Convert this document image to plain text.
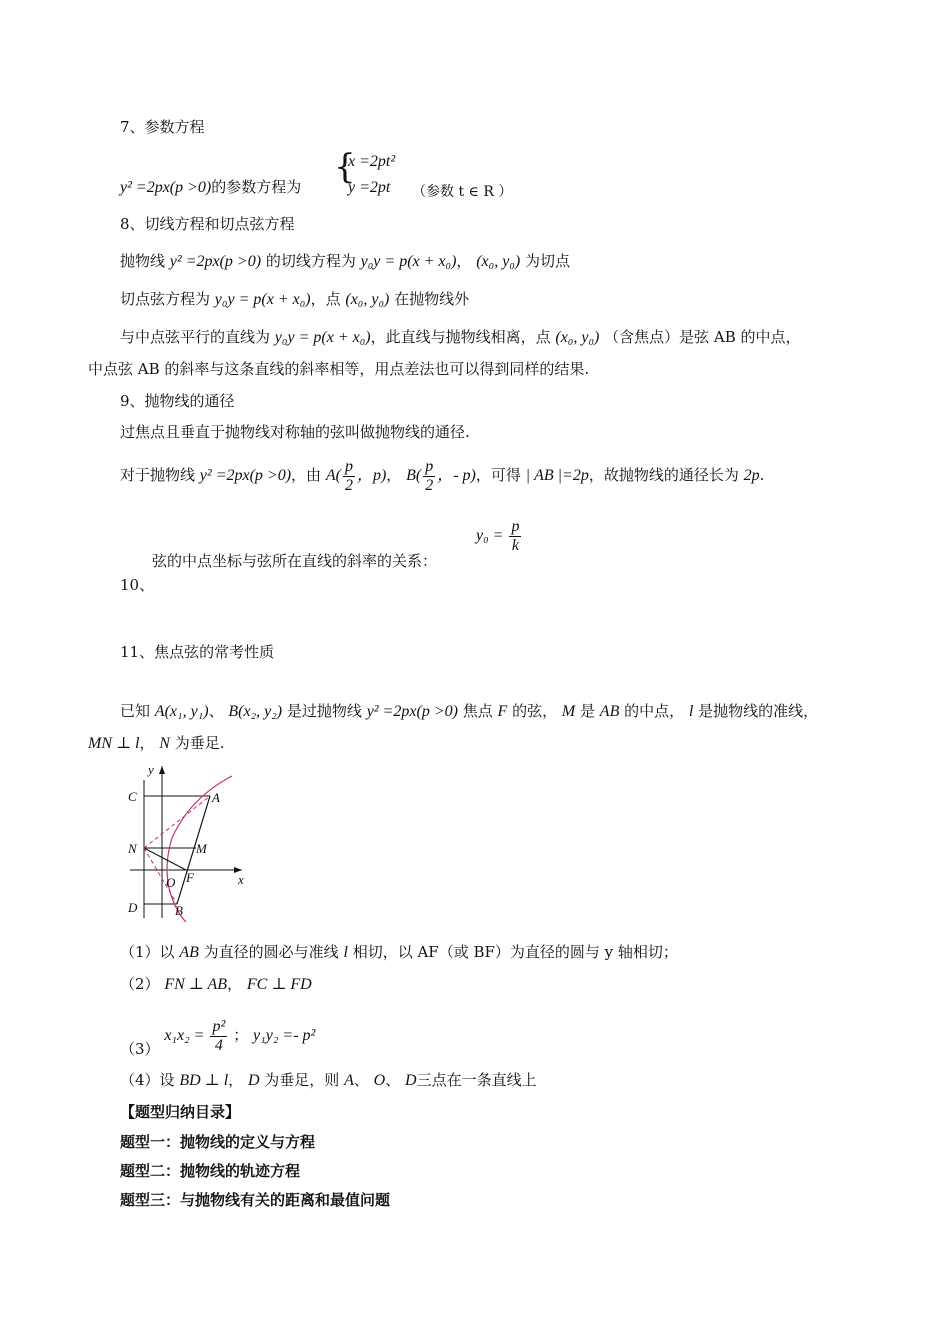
7、参数方程
y² =2px(p >0)的参数方程为 {
x =2pt²
y =2pt （参数 t ∈ R ）
8、切线方程和切点弦方程
抛物线 y² =2px(p >0) 的切线方程为 y₀y = p(x + x₀)， (x₀, y₀) 为切点
切点弦方程为 y₀y = p(x + x₀)，点 (x₀, y₀) 在抛物线外
与中点弦平行的直线为 y₀y = p(x + x₀)，此直线与抛物线相离，点 (x₀, y₀) （含焦点）是弦 AB 的中点，
中点弦 AB 的斜率与这条直线的斜率相等，用点差法也可以得到同样的结果.
9、抛物线的通径
过焦点且垂直于抛物线对称轴的弦叫做抛物线的通径.
对于抛物线 y² =2px(p >0)，由 $A( \frac{p}{2}$ ，p)， $B( \frac{p}{2}$ ，- p)，可得 | AB |=2p，故抛物线的通径长为 2p.
$y_0 = \frac{p}{k}$
弦的中点坐标与弦所在直线的斜率的关系：
10、
11、焦点弦的常考性质
已知 A(x₁, y₁)、 B(x₂, y₂) 是过抛物线 y² =2px(p >0) 焦点 F 的弦， M 是 AB 的中点， l 是抛物线的准线，
MN ⊥ l， N 为垂足.
x
y
A
B
C
D
N	M
F
O
（1）以 AB 为直径的圆必与准线 l 相切，以 AF（或 BF）为直径的圆与 y 轴相切；
（2） FN ⊥ AB， FC ⊥ FD
（3） $x_1x_2 = \frac{\text{p²}}{4}$ ； y₁y₂ =- p²
（4）设 BD ⊥ l， D 为垂足，则 A、 O、 D三点在一条直线上
【题型归纳目录】
题型一：抛物线的定义与方程
题型二：抛物线的轨迹方程
题型三：与抛物线有关的距离和最值问题
